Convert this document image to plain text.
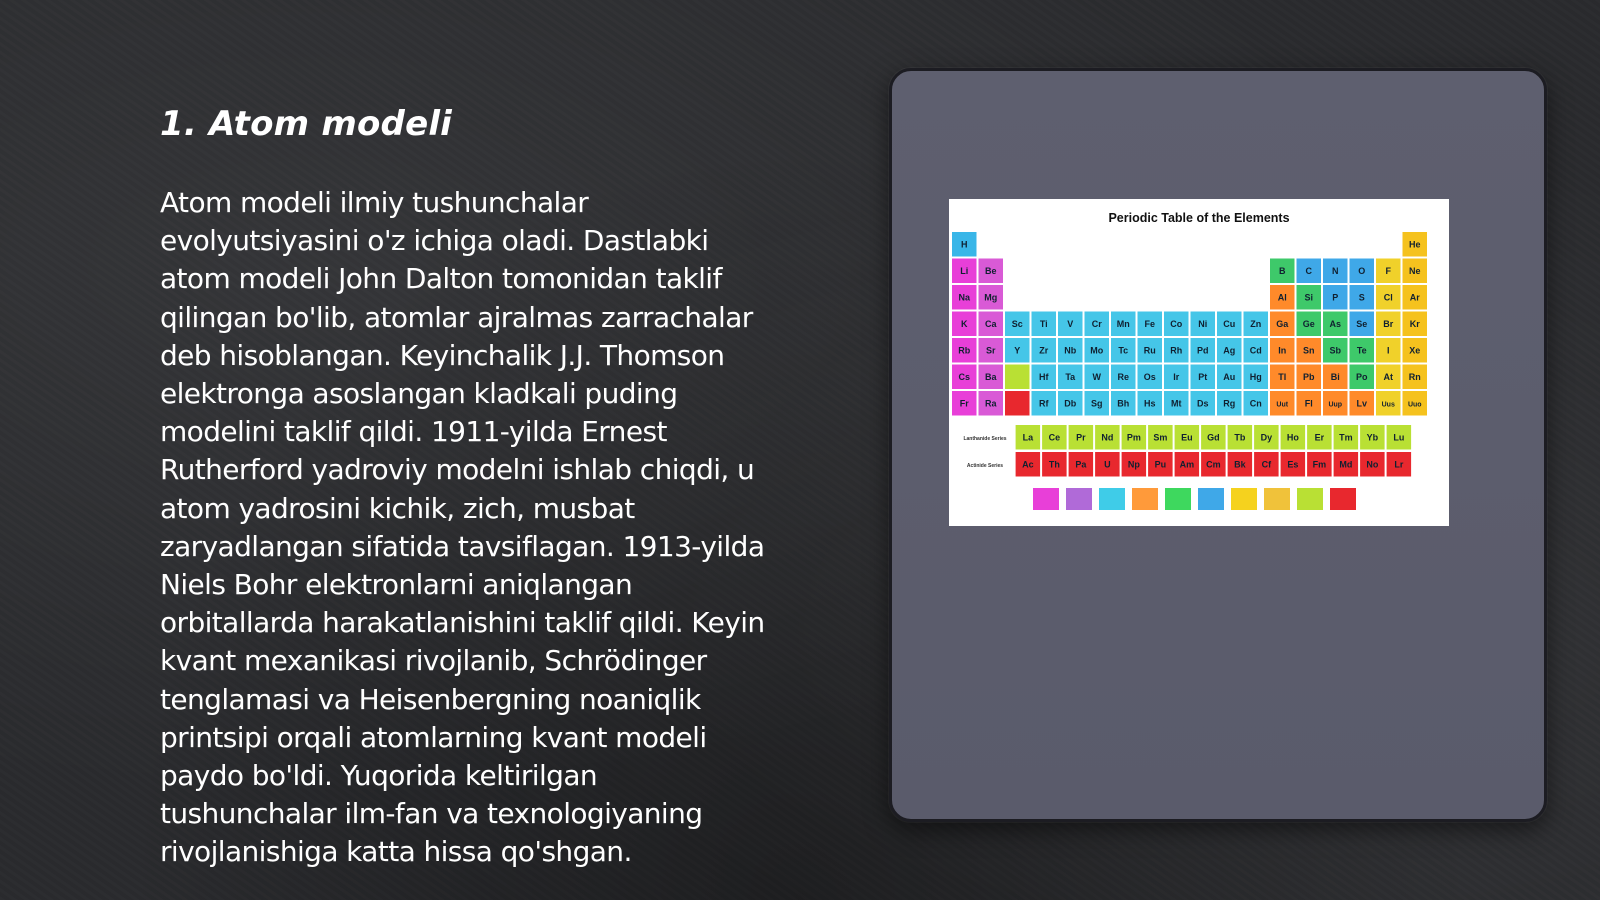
1. Atom modeli
Atom modeli ilmiy tushunchalar
evolyutsiyasini o'z ichiga oladi. Dastlabki
atom modeli John Dalton tomonidan taklif
qilingan bo'lib, atomlar ajralmas zarrachalar
deb hisoblangan. Keyinchalik J.J. Thomson
elektronga asoslangan kladkali puding
modelini taklif qildi. 1911-yilda Ernest
Rutherford yadroviy modelni ishlab chiqdi, u
atom yadrosini kichik, zich, musbat
zaryadlangan sifatida tavsiflagan. 1913-yilda
Niels Bohr elektronlarni aniqlangan
orbitallarda harakatlanishini taklif qildi. Keyin
kvant mexanikasi rivojlanib, Schrödinger
tenglamasi va Heisenbergning noaniqlik
printsipi orqali atomlarning kvant modeli
paydo bo'ldi. Yuqorida keltirilgan
tushunchalar ilm-fan va texnologiyaning
rivojlanishiga katta hissa qo'shgan.
Periodic Table of the Elements
Lanthanide Series
Actinide Series
H	He
Li Be	B C N O F Ne
Na Mg	Al Si P S Cl Ar
K Ca Sc Ti V Cr Mn Fe Co Ni Cu Zn Ga Ge As Se Br Kr
Rb Sr Y Zr Nb Mo Tc Ru Rh Pd Ag Cd In Sn Sb Te I Xe
Cs Ba	Hf Ta W Re Os Ir Pt Au Hg Tl Pb Bi Po At Rn
Fr Ra	Rf Db Sg Bh Hs Mt Ds Rg Cn Uut Fl Uup Lv Uus Uuo
La Ce Pr Nd Pm Sm Eu Gd Tb Dy Ho Er Tm Yb Lu
Ac Th Pa U Np Pu Am Cm Bk Cf Es Fm Md No Lr
